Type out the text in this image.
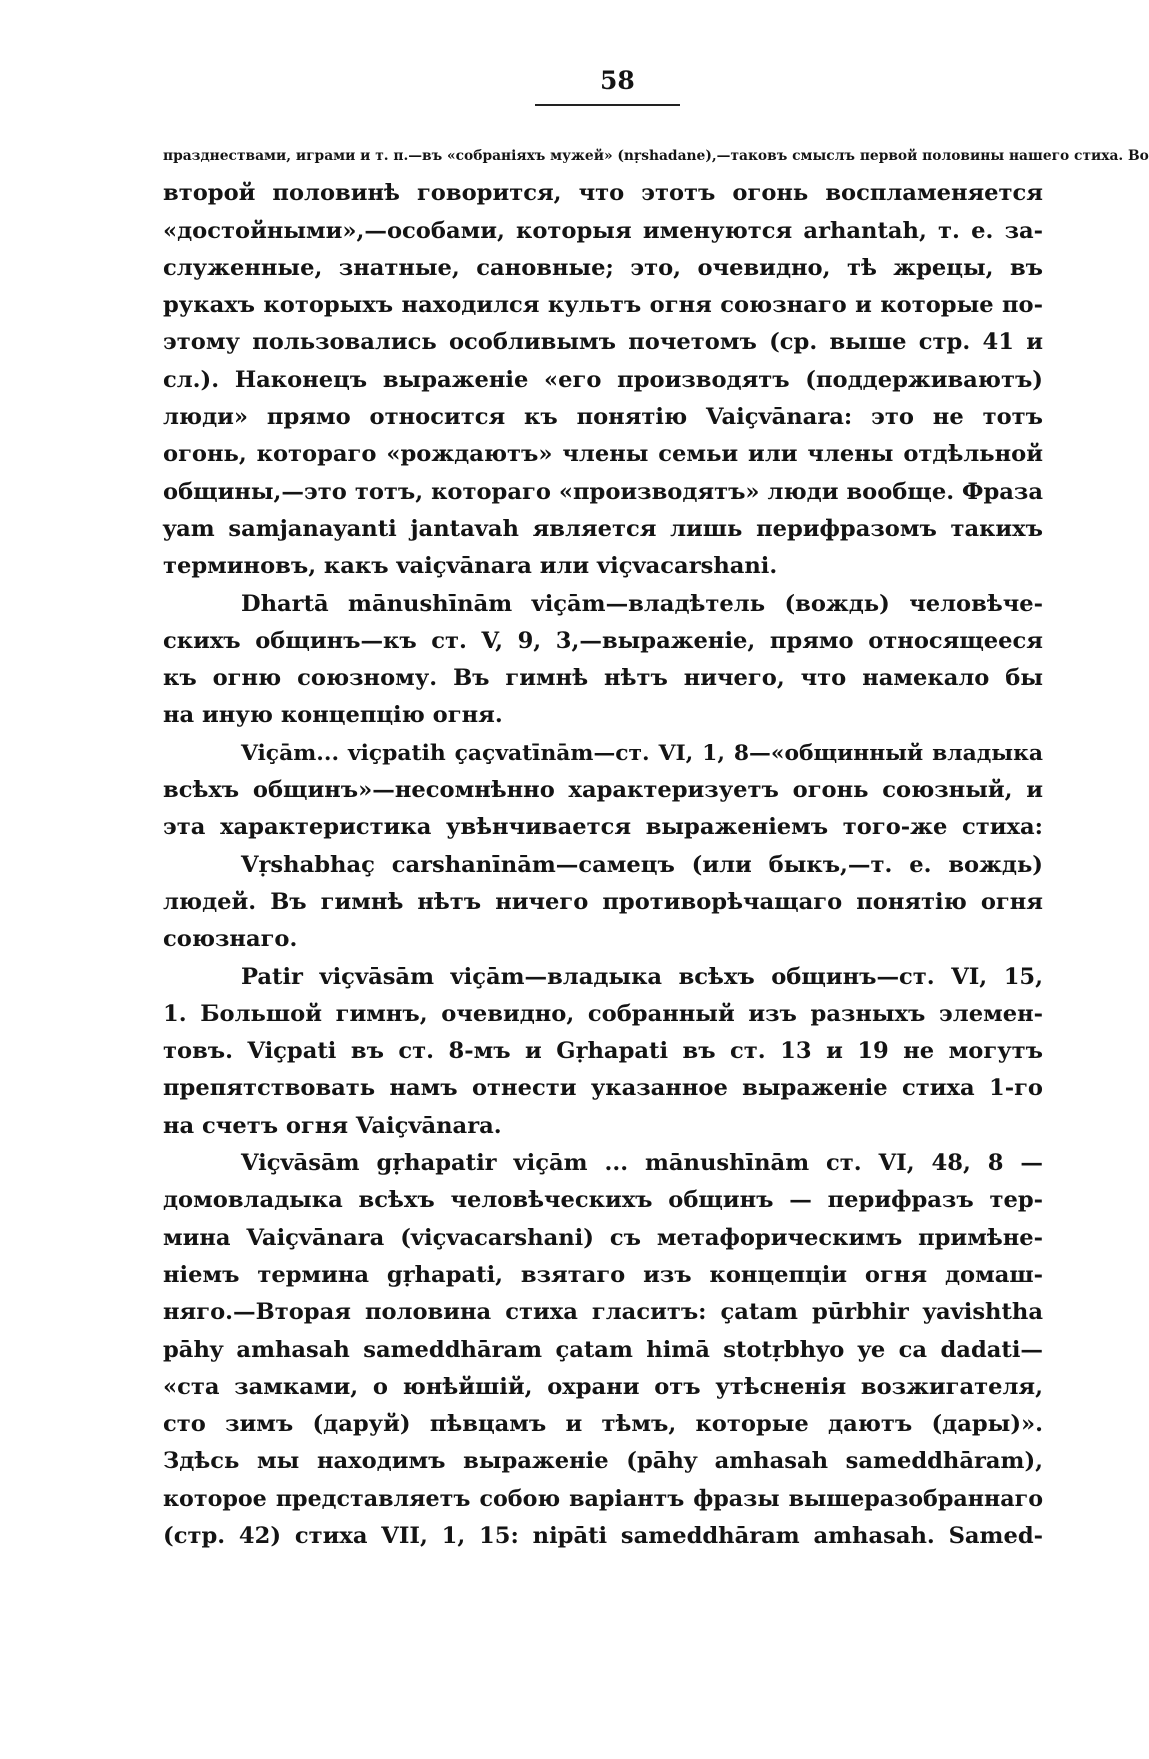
58
празднествами, играми и т. п.—въ «собраніяхъ мужей» (nṛshadane),—таковъ смыслъ первой половины нашего стиха. Во
второй половинѣ говорится, что этотъ огонь воспламеняется
«достойными»,—особами, которыя именуются arhantah, т. е. за-
служенные, знатные, сановные; это, очевидно, тѣ жрецы, въ
рукахъ которыхъ находился культъ огня союзнаго и которые по-
этому пользовались особливымъ почетомъ (ср. выше стр. 41 и
сл.). Наконецъ выраженіе «его производятъ (поддерживаютъ)
люди» прямо относится къ понятію Vaiçvānara: это не тотъ
огонь, котораго «рождаютъ» члены семьи или члены отдѣльной
общины,—это тотъ, котораго «производятъ» люди вообще. Фраза
yam samjanayanti jantavah является лишь перифразомъ такихъ
терминовъ, какъ vaiçvānara или viçvacarshani.
Dhartā mānushīnām viçām—владѣтель (вождь) человѣче-
скихъ общинъ—къ ст. V, 9, 3,—выраженіе, прямо относящееся
къ огню союзному. Въ гимнѣ нѣтъ ничего, что намекало бы
на иную концепцію огня.
Viçām... viçpatih çaçvatīnām—ст. VI, 1, 8—«общинный владыка
всѣхъ общинъ»—несомнѣнно характеризуетъ огонь союзный, и
эта характеристика увѣнчивается выраженіемъ того-же стиха:
Vṛshabhaç carshanīnām—самецъ (или быкъ,—т. е. вождь)
людей. Въ гимнѣ нѣтъ ничего противорѣчащаго понятію огня
союзнаго.
Patir viçvāsām viçām—владыка всѣхъ общинъ—ст. VI, 15,
1. Большой гимнъ, очевидно, собранный изъ разныхъ элемен-
товъ. Viçpati въ ст. 8-мъ и Gṛhapati въ ст. 13 и 19 не могутъ
препятствовать намъ отнести указанное выраженіе стиха 1-го
на счетъ огня Vaiçvānara.
Viçvāsām gṛhapatir viçām ... mānushīnām ст. VI, 48, 8 —
домовладыка всѣхъ человѣческихъ общинъ — перифразъ тер-
мина Vaiçvānara (viçvacarshani) съ метафорическимъ примѣне-
ніемъ термина gṛhapati, взятаго изъ концепціи огня домаш-
няго.—Вторая половина стиха гласитъ: çatam pūrbhir yavishtha
pāhy amhasah sameddhāram çatam himā stotṛbhyo ye ca dadati—
«ста замками, о юнѣйшій, охрани отъ утѣсненія возжигателя,
сто зимъ (даруй) пѣвцамъ и тѣмъ, которые даютъ (дары)».
Здѣсь мы находимъ выраженіе (pāhy amhasah sameddhāram),
которое представляетъ собою варіантъ фразы вышеразобраннаго
(стр. 42) стиха VII, 1, 15: nipāti sameddhāram amhasah. Samed-
